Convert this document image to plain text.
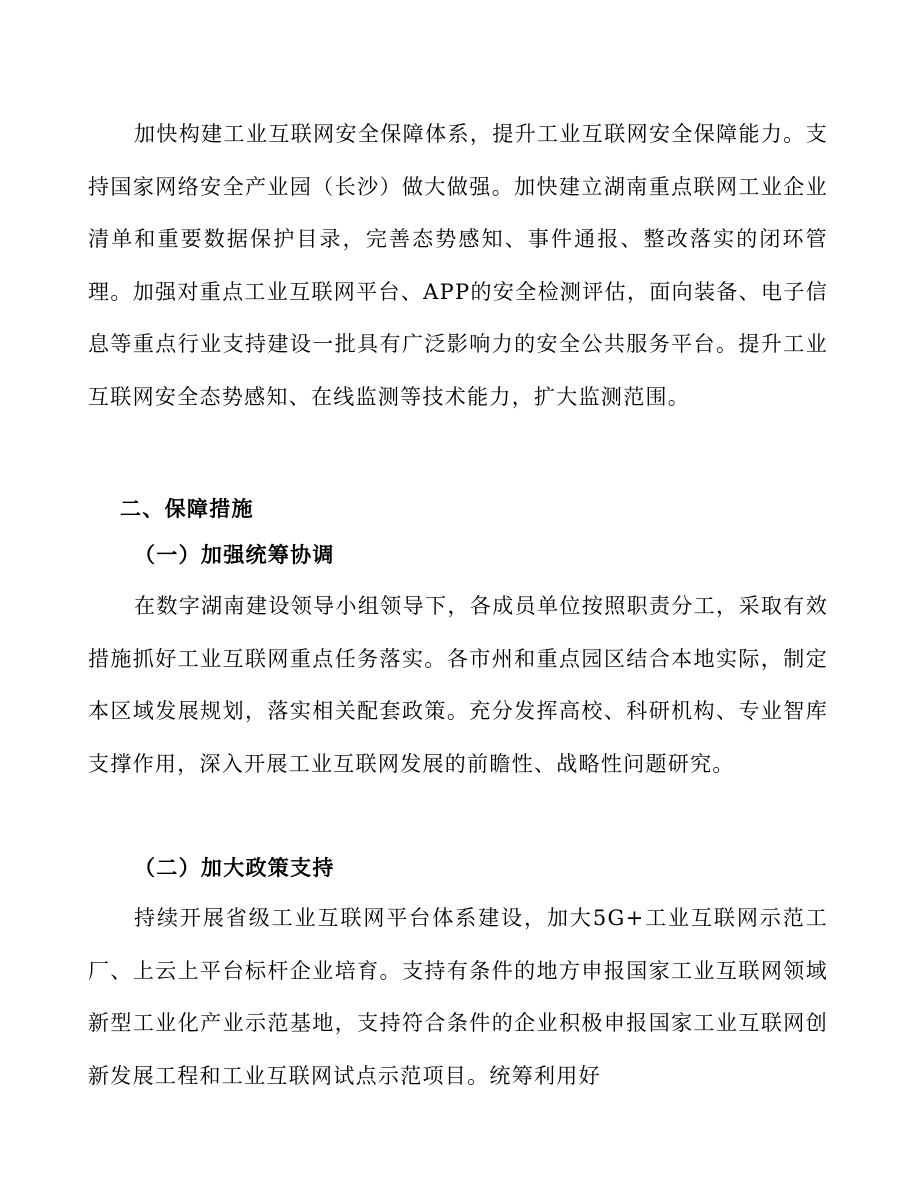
加快构建工业互联网安全保障体系，提升工业互联网安全保障能力。支持国家网络安全产业园（长沙）做大做强。加快建立湖南重点联网工业企业清单和重要数据保护目录，完善态势感知、事件通报、整改落实的闭环管理。加强对重点工业互联网平台、APP的安全检测评估，面向装备、电子信息等重点行业支持建设一批具有广泛影响力的安全公共服务平台。提升工业互联网安全态势感知、在线监测等技术能力，扩大监测范围。

二、保障措施
（一）加强统筹协调

在数字湖南建设领导小组领导下，各成员单位按照职责分工，采取有效措施抓好工业互联网重点任务落实。各市州和重点园区结合本地实际，制定本区域发展规划，落实相关配套政策。充分发挥高校、科研机构、专业智库支撑作用，深入开展工业互联网发展的前瞻性、战略性问题研究。

（二）加大政策支持

持续开展省级工业互联网平台体系建设，加大5G+工业互联网示范工厂、上云上平台标杆企业培育。支持有条件的地方申报国家工业互联网领域新型工业化产业示范基地，支持符合条件的企业积极申报国家工业互联网创新发展工程和工业互联网试点示范项目。统筹利用好
